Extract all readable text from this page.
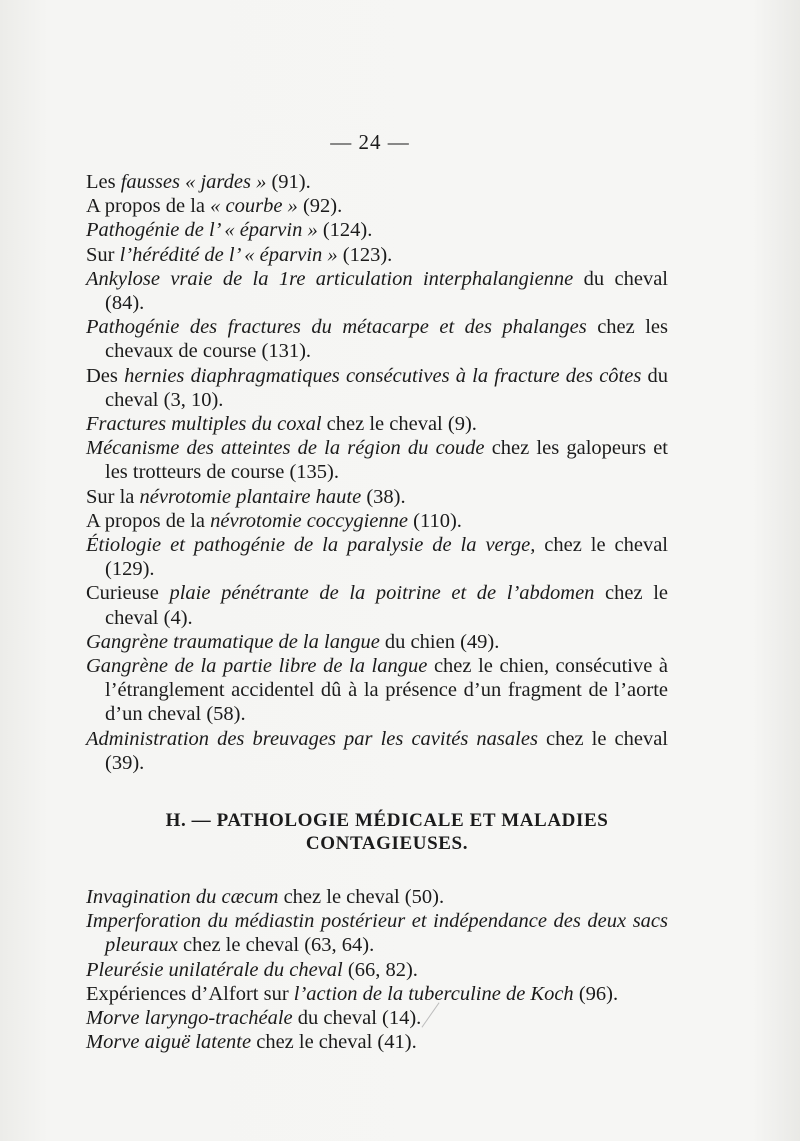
— 24 —

Les fausses « jardes » (91).

A propos de la « courbe » (92).

Pathogénie de l’ « éparvin » (124).

Sur l’hérédité de l’ « éparvin » (123).

Ankylose vraie de la 1re articulation interphalangienne du cheval (84).

Pathogénie des fractures du métacarpe et des phalanges chez les chevaux de course (131).

Des hernies diaphragmatiques consécutives à la fracture des côtes du cheval (3, 10).

Fractures multiples du coxal chez le cheval (9).

Mécanisme des atteintes de la région du coude chez les galopeurs et les trotteurs de course (135).

Sur la névrotomie plantaire haute (38).

A propos de la névrotomie coccygienne (110).

Étiologie et pathogénie de la paralysie de la verge, chez le cheval (129).

Curieuse plaie pénétrante de la poitrine et de l’abdomen chez le cheval (4).

Gangrène traumatique de la langue du chien (49).

Gangrène de la partie libre de la langue chez le chien, consécutive à l’étranglement accidentel dû à la présence d’un fragment de l’aorte d’un cheval (58).

Administration des breuvages par les cavités nasales chez le cheval (39).

H. — PATHOLOGIE MÉDICALE ET MALADIES CONTAGIEUSES.

Invagination du cæcum chez le cheval (50).

Imperforation du médiastin postérieur et indépendance des deux sacs pleuraux chez le cheval (63, 64).

Pleurésie unilatérale du cheval (66, 82).

Expériences d’Alfort sur l’action de la tuberculine de Koch (96).

Morve laryngo-trachéale du cheval (14).

Morve aiguë latente chez le cheval (41).
